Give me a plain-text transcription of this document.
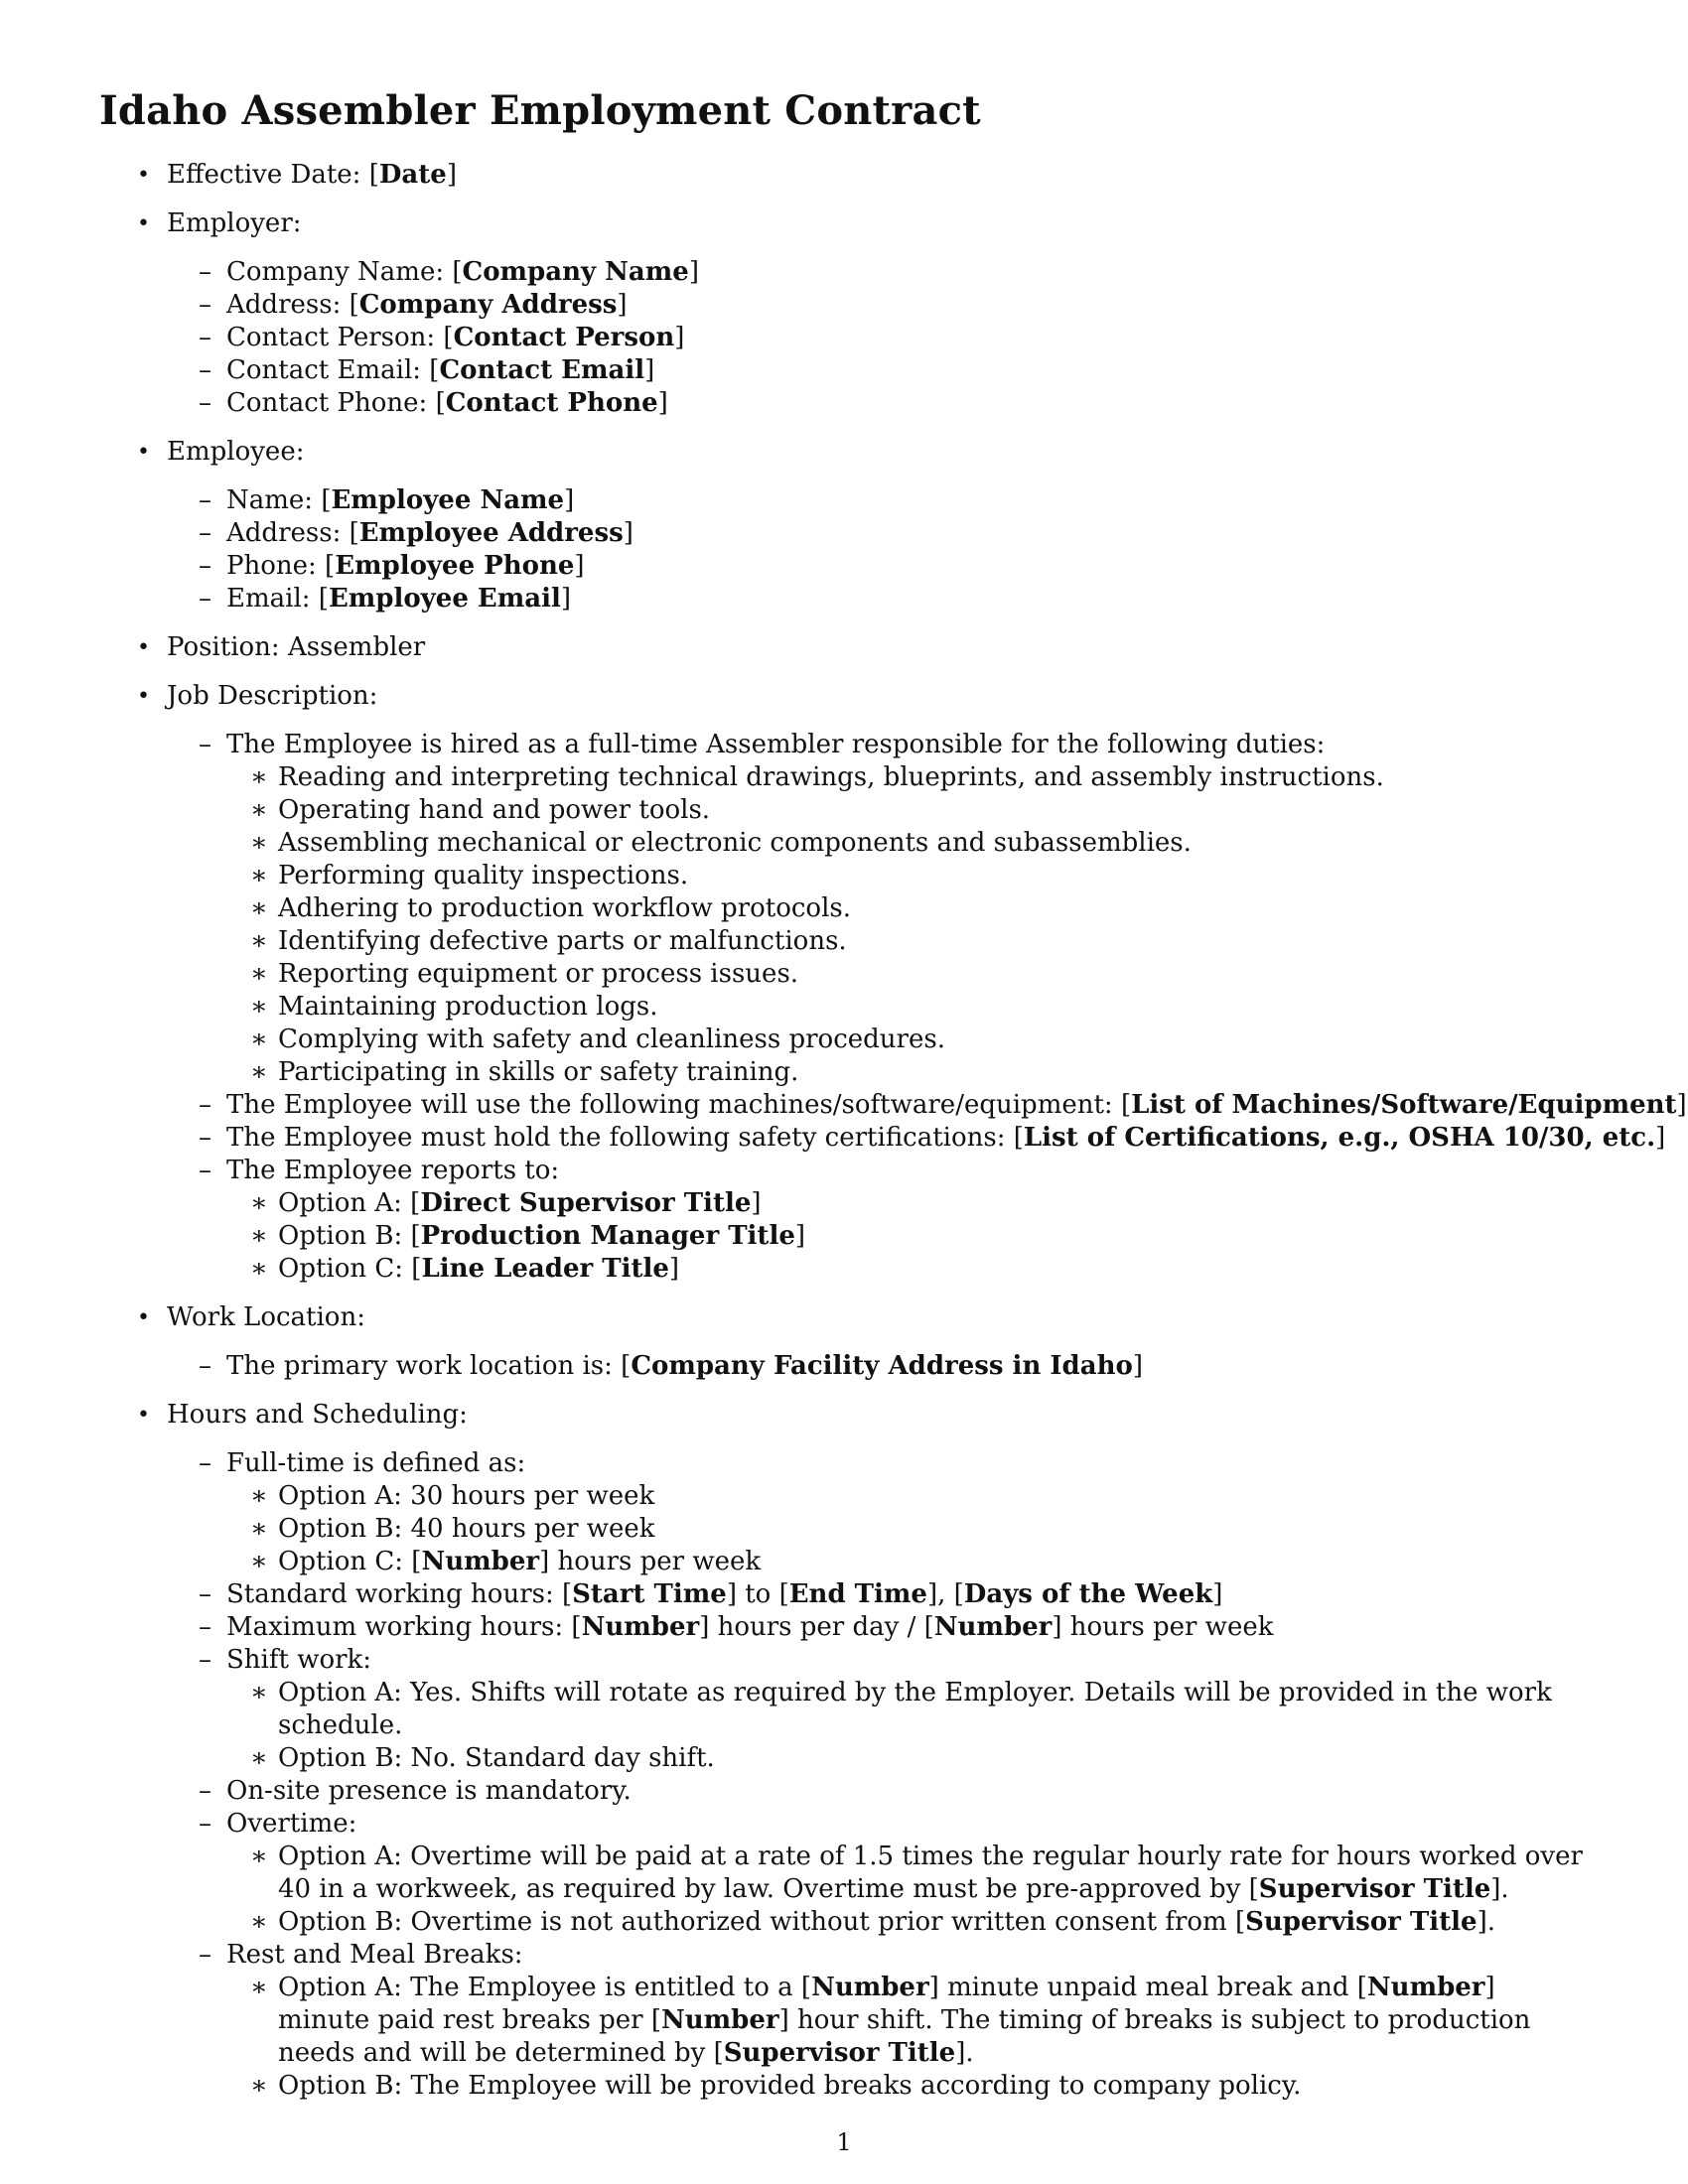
Idaho Assembler Employment Contract
• Effective Date: [Date]
• Employer:
– Company Name: [Company Name]
– Address: [Company Address]
– Contact Person: [Contact Person]
– Contact Email: [Contact Email]
– Contact Phone: [Contact Phone]
• Employee:
– Name: [Employee Name]
– Address: [Employee Address]
– Phone: [Employee Phone]
– Email: [Employee Email]
• Position: Assembler
• Job Description:
– The Employee is hired as a full-time Assembler responsible for the following duties:
∗ Reading and interpreting technical drawings, blueprints, and assembly instructions.
∗ Operating hand and power tools.
∗ Assembling mechanical or electronic components and subassemblies.
∗ Performing quality inspections.
∗ Adhering to production workflow protocols.
∗ Identifying defective parts or malfunctions.
∗ Reporting equipment or process issues.
∗ Maintaining production logs.
∗ Complying with safety and cleanliness procedures.
∗ Participating in skills or safety training.
– The Employee will use the following machines/software/equipment: [List of Machines/Software/Equipment]
– The Employee must hold the following safety certifications: [List of Certifications, e.g., OSHA 10/30, etc.]
– The Employee reports to:
∗ Option A: [Direct Supervisor Title]
∗ Option B: [Production Manager Title]
∗ Option C: [Line Leader Title]
• Work Location:
– The primary work location is: [Company Facility Address in Idaho]
• Hours and Scheduling:
– Full-time is defined as:
∗ Option A: 30 hours per week
∗ Option B: 40 hours per week
∗ Option C: [Number] hours per week
– Standard working hours: [Start Time] to [End Time], [Days of the Week]
– Maximum working hours: [Number] hours per day / [Number] hours per week
– Shift work:
∗ Option A: Yes. Shifts will rotate as required by the Employer. Details will be provided in the work schedule.
∗ Option B: No. Standard day shift.
– On-site presence is mandatory.
– Overtime:
∗ Option A: Overtime will be paid at a rate of 1.5 times the regular hourly rate for hours worked over 40 in a workweek, as required by law. Overtime must be pre-approved by [Supervisor Title].
∗ Option B: Overtime is not authorized without prior written consent from [Supervisor Title].
– Rest and Meal Breaks:
∗ Option A: The Employee is entitled to a [Number] minute unpaid meal break and [Number] minute paid rest breaks per [Number] hour shift. The timing of breaks is subject to production needs and will be determined by [Supervisor Title].
∗ Option B: The Employee will be provided breaks according to company policy.
1
